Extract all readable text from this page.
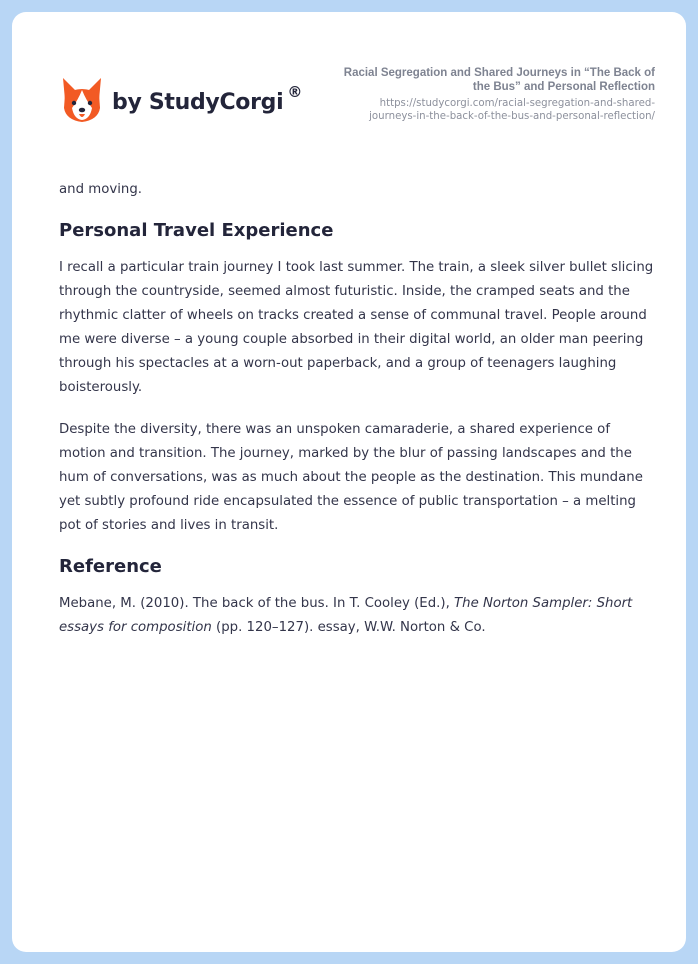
by StudyCorgi ®
Racial Segregation and Shared Journeys in “The Back of
the Bus” and Personal Reflection
https://studycorgi.com/racial-segregation-and-shared-
journeys-in-the-back-of-the-bus-and-personal-reflection/

and moving.

Personal Travel Experience

I recall a particular train journey I took last summer. The train, a sleek silver bullet slicing through the countryside, seemed almost futuristic. Inside, the cramped seats and the rhythmic clatter of wheels on tracks created a sense of communal travel. People around me were diverse – a young couple absorbed in their digital world, an older man peering through his spectacles at a worn-out paperback, and a group of teenagers laughing boisterously.

Despite the diversity, there was an unspoken camaraderie, a shared experience of motion and transition. The journey, marked by the blur of passing landscapes and the hum of conversations, was as much about the people as the destination. This mundane yet subtly profound ride encapsulated the essence of public transportation – a melting pot of stories and lives in transit.

Reference

Mebane, M. (2010). The back of the bus. In T. Cooley (Ed.), The Norton Sampler: Short essays for composition (pp. 120–127). essay, W.W. Norton & Co.
